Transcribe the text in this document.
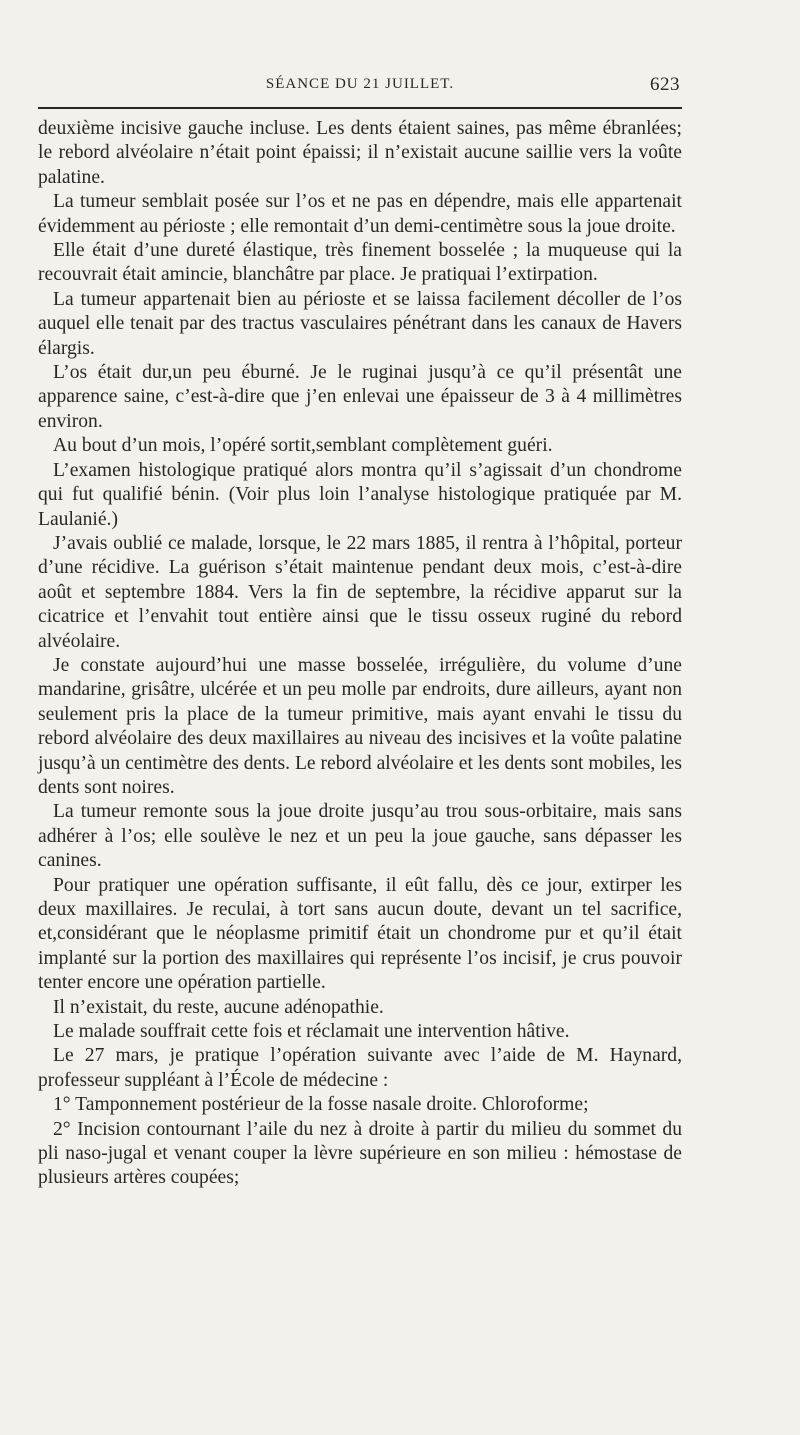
SÉANCE DU 21 JUILLET.	623

deuxième incisive gauche incluse. Les dents étaient saines, pas même ébranlées; le rebord alvéolaire n’était point épaissi; il n’existait aucune saillie vers la voûte palatine.

La tumeur semblait posée sur l’os et ne pas en dépendre, mais elle appartenait évidemment au périoste ; elle remontait d’un demi-centimètre sous la joue droite.

Elle était d’une dureté élastique, très finement bosselée ; la muqueuse qui la recouvrait était amincie, blanchâtre par place. Je pratiquai l’extirpation.

La tumeur appartenait bien au périoste et se laissa facilement décoller de l’os auquel elle tenait par des tractus vasculaires pénétrant dans les canaux de Havers élargis.

L’os était dur,un peu éburné. Je le ruginai jusqu’à ce qu’il présentât une apparence saine, c’est-à-dire que j’en enlevai une épaisseur de 3 à 4 millimètres environ.

Au bout d’un mois, l’opéré sortit,semblant complètement guéri.

L’examen histologique pratiqué alors montra qu’il s’agissait d’un chondrome qui fut qualifié bénin. (Voir plus loin l’analyse histologique pratiquée par M. Laulanié.)

J’avais oublié ce malade, lorsque, le 22 mars 1885, il rentra à l’hôpital, porteur d’une récidive. La guérison s’était maintenue pendant deux mois, c’est-à-dire août et septembre 1884. Vers la fin de septembre, la récidive apparut sur la cicatrice et l’envahit tout entière ainsi que le tissu osseux ruginé du rebord alvéolaire.

Je constate aujourd’hui une masse bosselée, irrégulière, du volume d’une mandarine, grisâtre, ulcérée et un peu molle par endroits, dure ailleurs, ayant non seulement pris la place de la tumeur primitive, mais ayant envahi le tissu du rebord alvéolaire des deux maxillaires au niveau des incisives et la voûte palatine jusqu’à un centimètre des dents. Le rebord alvéolaire et les dents sont mobiles, les dents sont noires.

La tumeur remonte sous la joue droite jusqu’au trou sous-orbitaire, mais sans adhérer à l’os; elle soulève le nez et un peu la joue gauche, sans dépasser les canines.

Pour pratiquer une opération suffisante, il eût fallu, dès ce jour, extirper les deux maxillaires. Je reculai, à tort sans aucun doute, devant un tel sacrifice, et,considérant que le néoplasme primitif était un chondrome pur et qu’il était implanté sur la portion des maxillaires qui représente l’os incisif, je crus pouvoir tenter encore une opération partielle.

Il n’existait, du reste, aucune adénopathie.

Le malade souffrait cette fois et réclamait une intervention hâtive.

Le 27 mars, je pratique l’opération suivante avec l’aide de M. Haynard, professeur suppléant à l’École de médecine :

1° Tamponnement postérieur de la fosse nasale droite. Chloroforme;

2° Incision contournant l’aile du nez à droite à partir du milieu du sommet du pli naso-jugal et venant couper la lèvre supérieure en son milieu : hémostase de plusieurs artères coupées;
